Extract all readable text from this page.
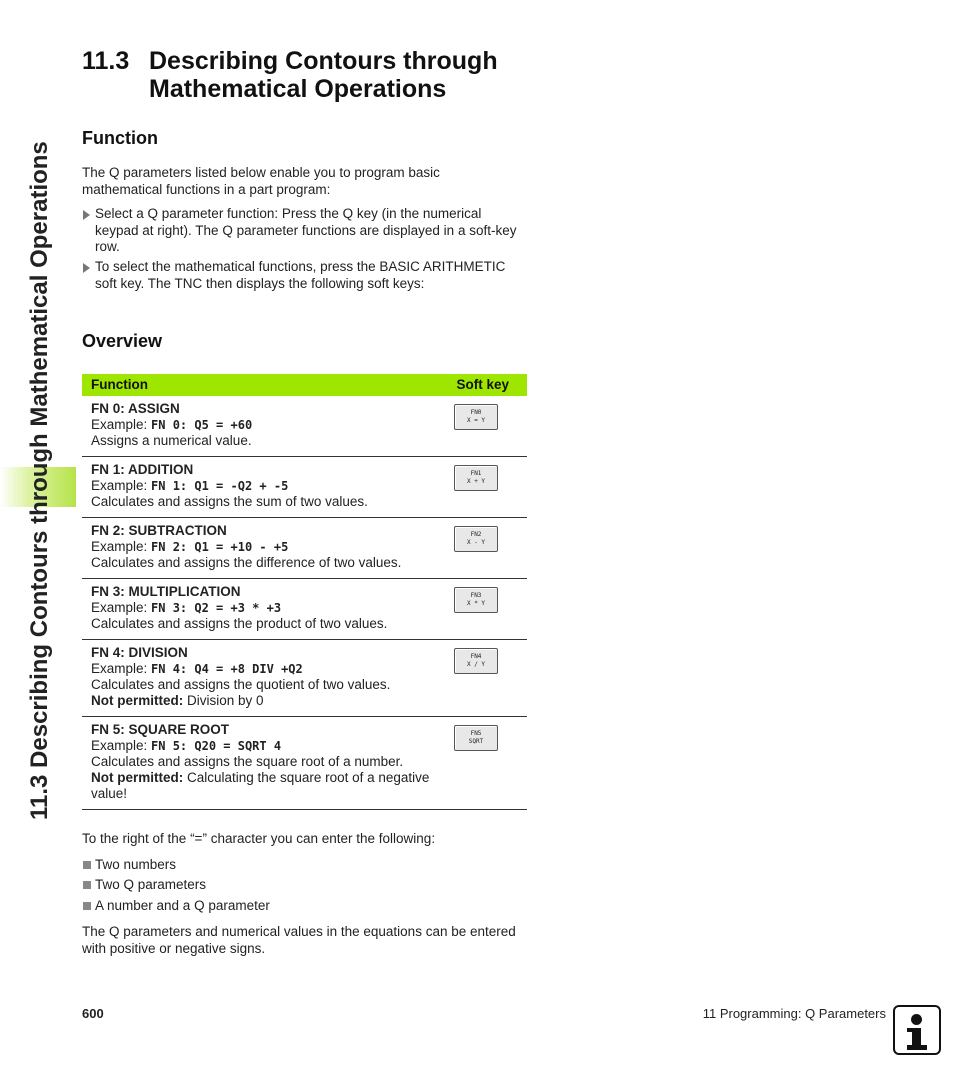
11.3 Describing Contours through Mathematical Operations
11.3 Describing Contours through Mathematical Operations
Function
The Q parameters listed below enable you to program basic mathematical functions in a part program:
Select a Q parameter function: Press the Q key (in the numerical keypad at right). The Q parameter functions are displayed in a soft-key row.
To select the mathematical functions, press the BASIC ARITHMETIC soft key. The TNC then displays the following soft keys:
Overview
Function	Soft key
FN 0: ASSIGN
Example: FN 0: Q5 = +60
Assigns a numerical value.
FN0
X = Y
FN 1: ADDITION
Example: FN 1: Q1 = -Q2 + -5
Calculates and assigns the sum of two values.
FN1
X + Y
FN 2: SUBTRACTION
Example: FN 2: Q1 = +10 - +5
Calculates and assigns the difference of two values.
FN2
X - Y
FN 3: MULTIPLICATION
Example: FN 3: Q2 = +3 * +3
Calculates and assigns the product of two values.
FN3
X * Y
FN 4: DIVISION
Example: FN 4: Q4 = +8 DIV +Q2
Calculates and assigns the quotient of two values.
Not permitted: Division by 0
FN4
X / Y
FN 5: SQUARE ROOT
Example: FN 5: Q20 = SQRT 4
Calculates and assigns the square root of a number.
Not permitted: Calculating the square root of a negative value!
FN5
SQRT
To the right of the “=” character you can enter the following:
Two numbers
Two Q parameters
A number and a Q parameter
The Q parameters and numerical values in the equations can be entered with positive or negative signs.
600	11 Programming: Q Parameters
